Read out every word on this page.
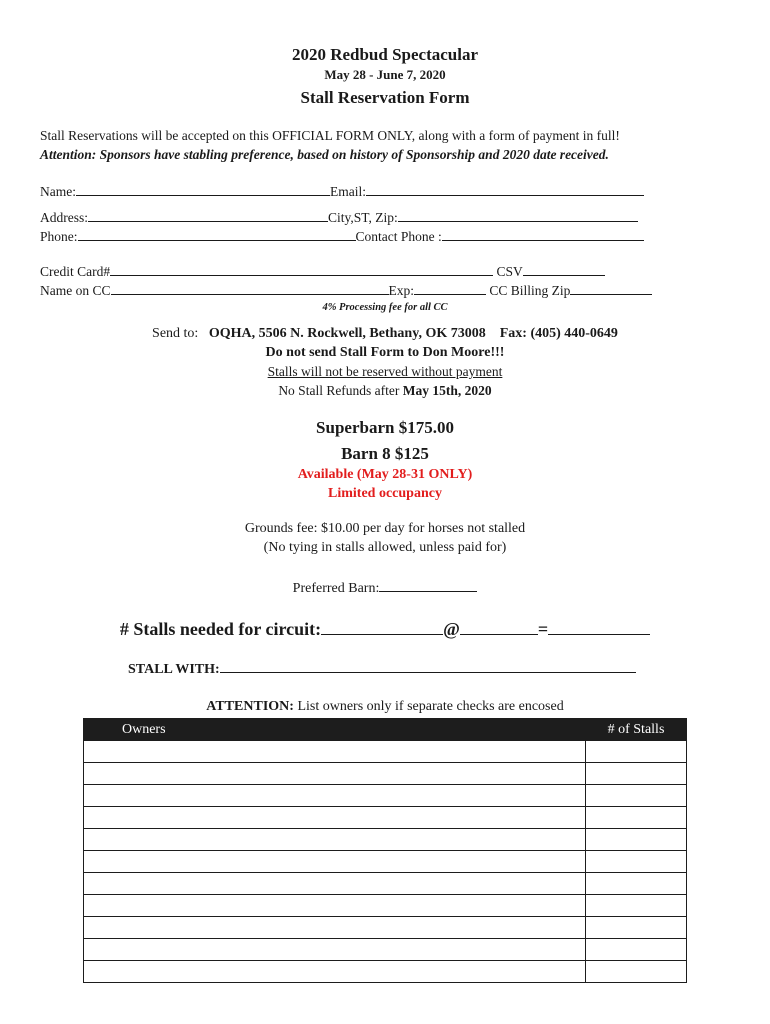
2020 Redbud Spectacular
May 28 - June 7, 2020
Stall Reservation Form
Stall Reservations will be accepted on this OFFICIAL FORM ONLY, along with a form of payment in full!
Attention: Sponsors have stabling preference, based on history of Sponsorship and 2020 date received.
Name:	Email:
Address:	City,ST, Zip:
Phone:	Contact Phone :
Credit Card#	CSV
Name on CC	Exp:	CC Billing Zip
4% Processing fee for all CC
Send to: OQHA, 5506 N. Rockwell, Bethany, OK 73008 Fax: (405) 440-0649
Do not send Stall Form to Don Moore!!!
Stalls will not be reserved without payment
No Stall Refunds after May 15th, 2020
Superbarn $175.00
Barn 8 $125
Available (May 28-31 ONLY)
Limited occupancy
Grounds fee: $10.00 per day for horses not stalled
(No tying in stalls allowed, unless paid for)
Preferred Barn:
# Stalls needed for circuit:	@	=
STALL WITH:
ATTENTION: List owners only if separate checks are encosed
Owners	# of Stalls
